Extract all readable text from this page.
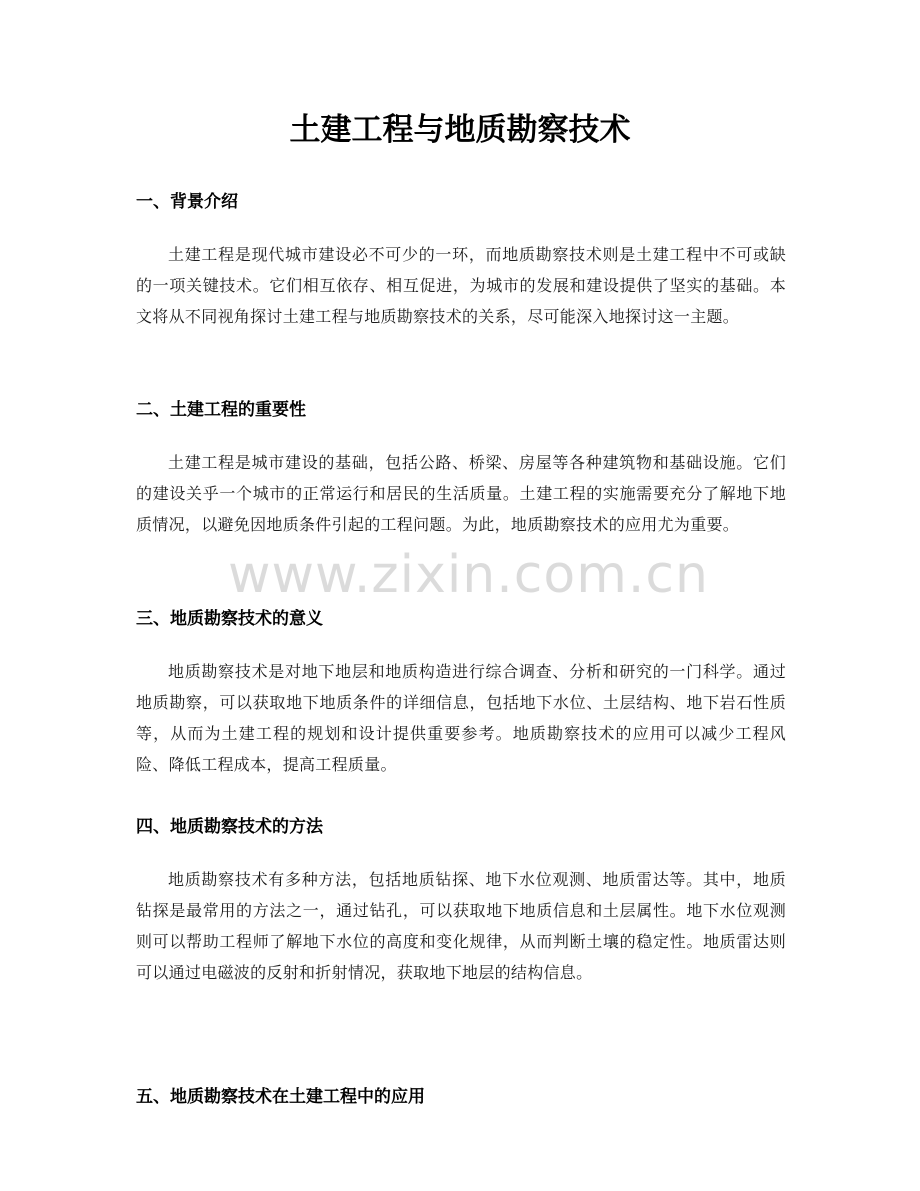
土建工程与地质勘察技术
一、背景介绍

土建工程是现代城市建设必不可少的一环，而地质勘察技术则是土建工程中不可或缺的一项关键技术。它们相互依存、相互促进，为城市的发展和建设提供了坚实的基础。本文将从不同视角探讨土建工程与地质勘察技术的关系，尽可能深入地探讨这一主题。

二、土建工程的重要性

土建工程是城市建设的基础，包括公路、桥梁、房屋等各种建筑物和基础设施。它们的建设关乎一个城市的正常运行和居民的生活质量。土建工程的实施需要充分了解地下地质情况，以避免因地质条件引起的工程问题。为此，地质勘察技术的应用尤为重要。

三、地质勘察技术的意义

地质勘察技术是对地下地层和地质构造进行综合调查、分析和研究的一门科学。通过地质勘察，可以获取地下地质条件的详细信息，包括地下水位、土层结构、地下岩石性质等，从而为土建工程的规划和设计提供重要参考。地质勘察技术的应用可以减少工程风险、降低工程成本，提高工程质量。

四、地质勘察技术的方法

地质勘察技术有多种方法，包括地质钻探、地下水位观测、地质雷达等。其中，地质钻探是最常用的方法之一，通过钻孔，可以获取地下地质信息和土层属性。地下水位观测则可以帮助工程师了解地下水位的高度和变化规律，从而判断土壤的稳定性。地质雷达则可以通过电磁波的反射和折射情况，获取地下地层的结构信息。

五、地质勘察技术在土建工程中的应用
www.zixin.com.cn
